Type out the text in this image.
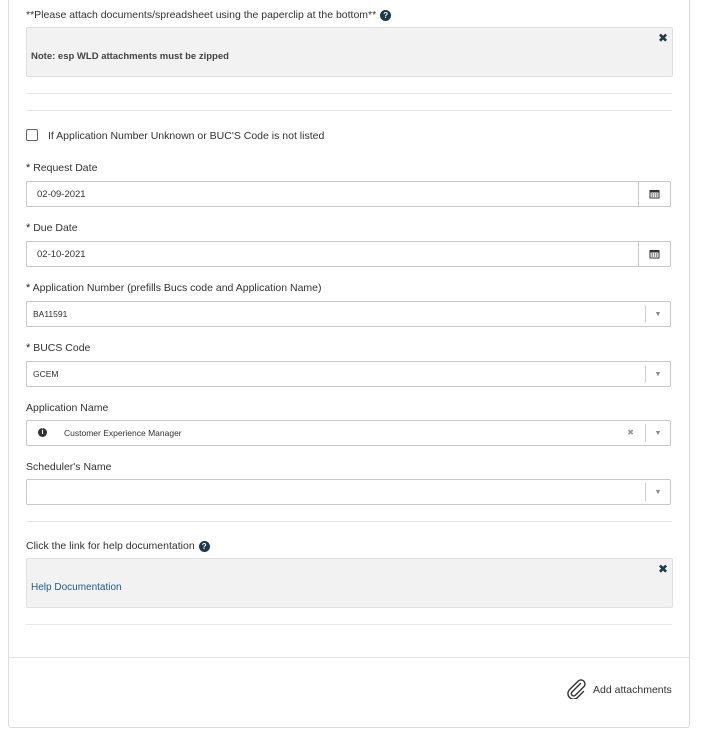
**Please attach documents/spreadsheet using the paperclip at the bottom** ?
✖
Note: esp WLD attachments must be zipped
If Application Number Unknown or BUC'S Code is not listed
* Request Date
02-09-2021
* Due Date
02-10-2021
* Application Number (prefills Bucs code and Application Name)
BA11591	▼
* BUCS Code
GCEM	▼
Application Name
i	Customer Experience Manager	✖	▼
Scheduler's Name
▼
Click the link for help documentation ?
✖
Help Documentation
Add attachments
